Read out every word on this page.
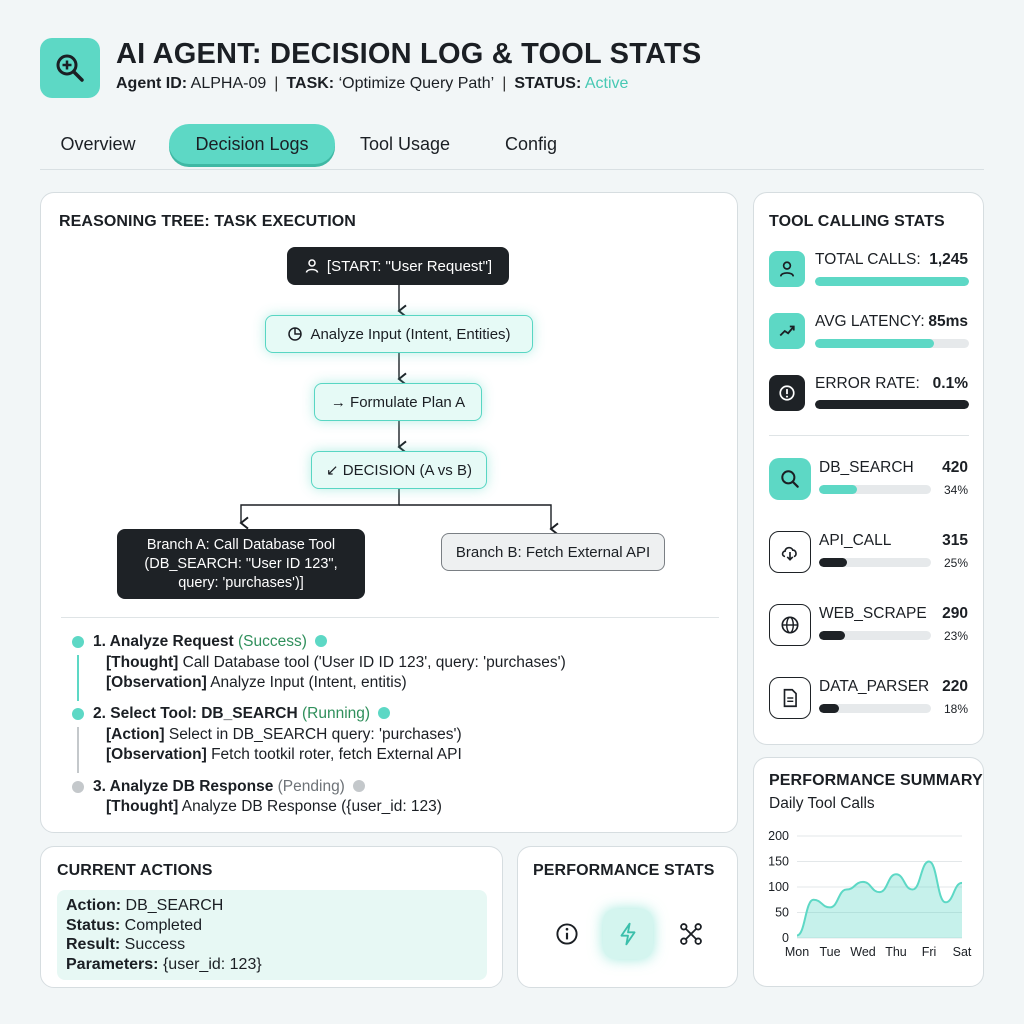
AI AGENT: DECISION LOG & TOOL STATS
Agent ID: ALPHA-09 | TASK: ‘Optimize Query Path’ | STATUS: Active
Overview	Decision Logs	Tool Usage	Config
REASONING TREE: TASK EXECUTION
[START: "User Request"]
Analyze Input (Intent, Entities)
→ Formulate Plan A
↙ DECISION (A vs B)
Branch A: Call Database Tool
(DB_SEARCH: "User ID 123",
query: 'purchases')]
Branch B: Fetch External API
1. Analyze Request (Success)
[Thought] Call Database tool ('User ID ID 123', query: 'purchases')
[Observation] Analyze Input (Intent, entitis)
2. Select Tool: DB_SEARCH (Running)
[Action] Select in DB_SEARCH query: 'purchases')
[Observation] Fetch tootkil roter, fetch External API
3. Analyze DB Response (Pending)
[Thought] Analyze DB Response ({user_id: 123)
TOOL CALLING STATS
TOTAL CALLS: 1,245
AVG LATENCY: 85ms
ERROR RATE: 0.1%
DB_SEARCH 420
34%
API_CALL	315
25%
WEB_SCRAPE 290
23%
DATA_PARSER 220
18%
PERFORMANCE SUMMARY
Daily Tool Calls
0
50
100
150
200
Mon Tue Wed Thu Fri Sat
CURRENT ACTIONS
Action: DB_SEARCH
Status: Completed
Result: Success
Parameters: {user_id: 123}
PERFORMANCE STATS
